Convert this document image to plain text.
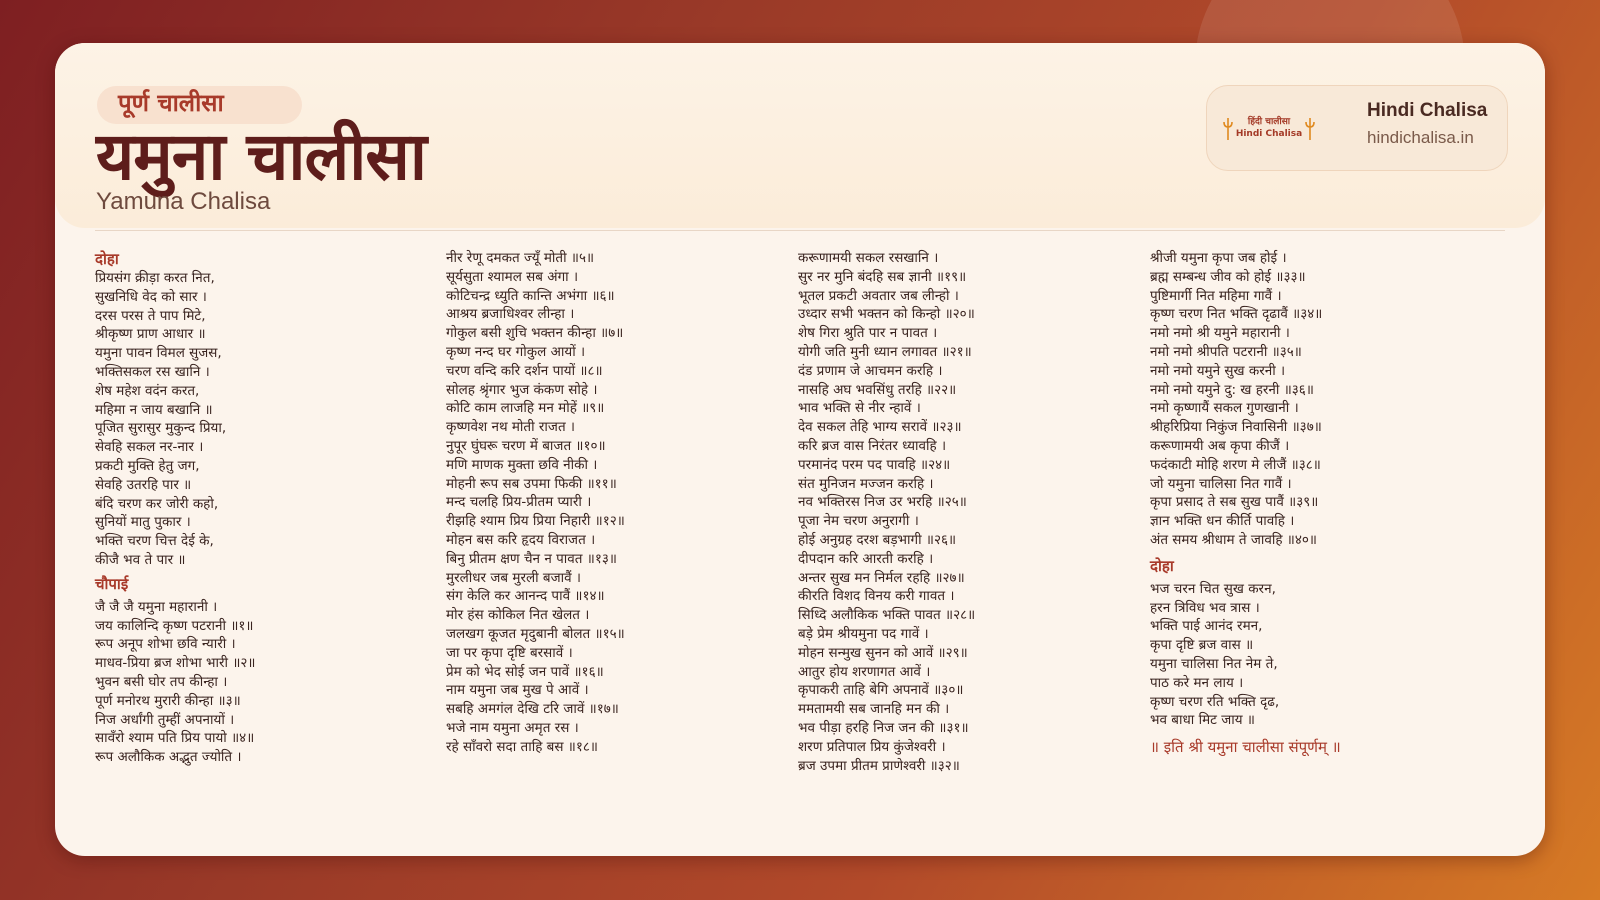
पूर्ण चालीसा
यमुना चालीसा
Yamuna Chalisa
हिंदी चालीसा
Hindi Chalisa
Hindi Chalisa
hindichalisa.in
दोहा
प्रियसंग क्रीड़ा करत नित,
सुखनिधि वेद को सार ।
दरस परस ते पाप मिटे,
श्रीकृष्ण प्राण आधार ॥
यमुना पावन विमल सुजस,
भक्तिसकल रस खानि ।
शेष महेश वदंन करत,
महिमा न जाय बखानि ॥
पूजित सुरासुर मुकुन्द प्रिया,
सेवहि सकल नर-नार ।
प्रकटी मुक्ति हेतु जग,
सेवहि उतरहि पार ॥
बंदि चरण कर जोरी कहो,
सुनियों मातु पुकार ।
भक्ति चरण चित्त देई के,
कीजै भव ते पार ॥
चौपाई
जै जै जै यमुना महारानी ।
जय कालिन्दि कृष्ण पटरानी ॥१॥
रूप अनूप शोभा छवि न्यारी ।
माधव-प्रिया ब्रज शोभा भारी ॥२॥
भुवन बसी घोर तप कीन्हा ।
पूर्ण मनोरथ मुरारी कीन्हा ॥३॥
निज अर्धांगी तुम्हीं अपनायों ।
सावँरो श्याम पति प्रिय पायो ॥४॥
रूप अलौकिक अद्भुत ज्योति ।
नीर रेणू दमकत ज्यूँ मोती ॥५॥
सूर्यसुता श्यामल सब अंगा ।
कोटिचन्द्र ध्युति कान्ति अभंगा ॥६॥
आश्रय ब्रजाधिश्वर लीन्हा ।
गोकुल बसी शुचि भक्तन कीन्हा ॥७॥
कृष्ण नन्द घर गोकुल आयों ।
चरण वन्दि करि दर्शन पायों ॥८॥
सोलह श्रृंगार भुज कंकण सोहे ।
कोटि काम लाजहि मन मोहें ॥९॥
कृष्णवेश नथ मोती राजत ।
नुपूर घुंघरू चरण में बाजत ॥१०॥
मणि माणक मुक्ता छवि नीकी ।
मोहनी रूप सब उपमा फिकी ॥११॥
मन्द चलहि प्रिय-प्रीतम प्यारी ।
रीझहि श्याम प्रिय प्रिया निहारी ॥१२॥
मोहन बस करि हृदय विराजत ।
बिनु प्रीतम क्षण चैन न पावत ॥१३॥
मुरलीधर जब मुरली बजावैं ।
संग केलि कर आनन्द पावैं ॥१४॥
मोर हंस कोकिल नित खेलत ।
जलखग कूजत मृदुबानी बोलत ॥१५॥
जा पर कृपा दृष्टि बरसावें ।
प्रेम को भेद सोई जन पावें ॥१६॥
नाम यमुना जब मुख पे आवें ।
सबहि अमगंल देखि टरि जावें ॥१७॥
भजे नाम यमुना अमृत रस ।
रहे साँवरो सदा ताहि बस ॥१८॥
करूणामयी सकल रसखानि ।
सुर नर मुनि बंदहि सब ज्ञानी ॥१९॥
भूतल प्रकटी अवतार जब लीन्हो ।
उध्दार सभी भक्तन को किन्हो ॥२०॥
शेष गिरा श्रुति पार न पावत ।
योगी जति मुनी ध्यान लगावत ॥२१॥
दंड प्रणाम जे आचमन करहि ।
नासहि अघ भवसिंधु तरहि ॥२२॥
भाव भक्ति से नीर न्हावें ।
देव सकल तेहि भाग्य सरावें ॥२३॥
करि ब्रज वास निरंतर ध्यावहि ।
परमानंद परम पद पावहि ॥२४॥
संत मुनिजन मज्जन करहि ।
नव भक्तिरस निज उर भरहि ॥२५॥
पूजा नेम चरण अनुरागी ।
होई अनुग्रह दरश बड़भागी ॥२६॥
दीपदान करि आरती करहि ।
अन्तर सुख मन निर्मल रहहि ॥२७॥
कीरति विशद विनय करी गावत ।
सिध्दि अलौकिक भक्ति पावत ॥२८॥
बड़े प्रेम श्रीयमुना पद गावें ।
मोहन सन्मुख सुनन को आवें ॥२९॥
आतुर होय शरणागत आवें ।
कृपाकरी ताहि बेगि अपनावें ॥३०॥
ममतामयी सब जानहि मन की ।
भव पीड़ा हरहि निज जन की ॥३१॥
शरण प्रतिपाल प्रिय कुंजेश्वरी ।
ब्रज उपमा प्रीतम प्राणेश्वरी ॥३२॥
श्रीजी यमुना कृपा जब होई ।
ब्रह्म सम्बन्ध जीव को होई ॥३३॥
पुष्टिमार्गी नित महिमा गावैं ।
कृष्ण चरण नित भक्ति दृढावैं ॥३४॥
नमो नमो श्री यमुने महारानी ।
नमो नमो श्रीपति पटरानी ॥३५॥
नमो नमो यमुने सुख करनी ।
नमो नमो यमुने दु: ख हरनी ॥३६॥
नमो कृष्णायैं सकल गुणखानी ।
श्रीहरिप्रिया निकुंज निवासिनी ॥३७॥
करूणामयी अब कृपा कीजैं ।
फदंकाटी मोहि शरण मे लीजैं ॥३८॥
जो यमुना चालिसा नित गावैं ।
कृपा प्रसाद ते सब सुख पावैं ॥३९॥
ज्ञान भक्ति धन कीर्ति पावहि ।
अंत समय श्रीधाम ते जावहि ॥४०॥
दोहा
भज चरन चित सुख करन,
हरन त्रिविध भव त्रास ।
भक्ति पाई आनंद रमन,
कृपा दृष्टि ब्रज वास ॥
यमुना चालिसा नित नेम ते,
पाठ करे मन लाय ।
कृष्ण चरण रति भक्ति दृढ,
भव बाधा मिट जाय ॥
॥ इति श्री यमुना चालीसा संपूर्णम् ॥
